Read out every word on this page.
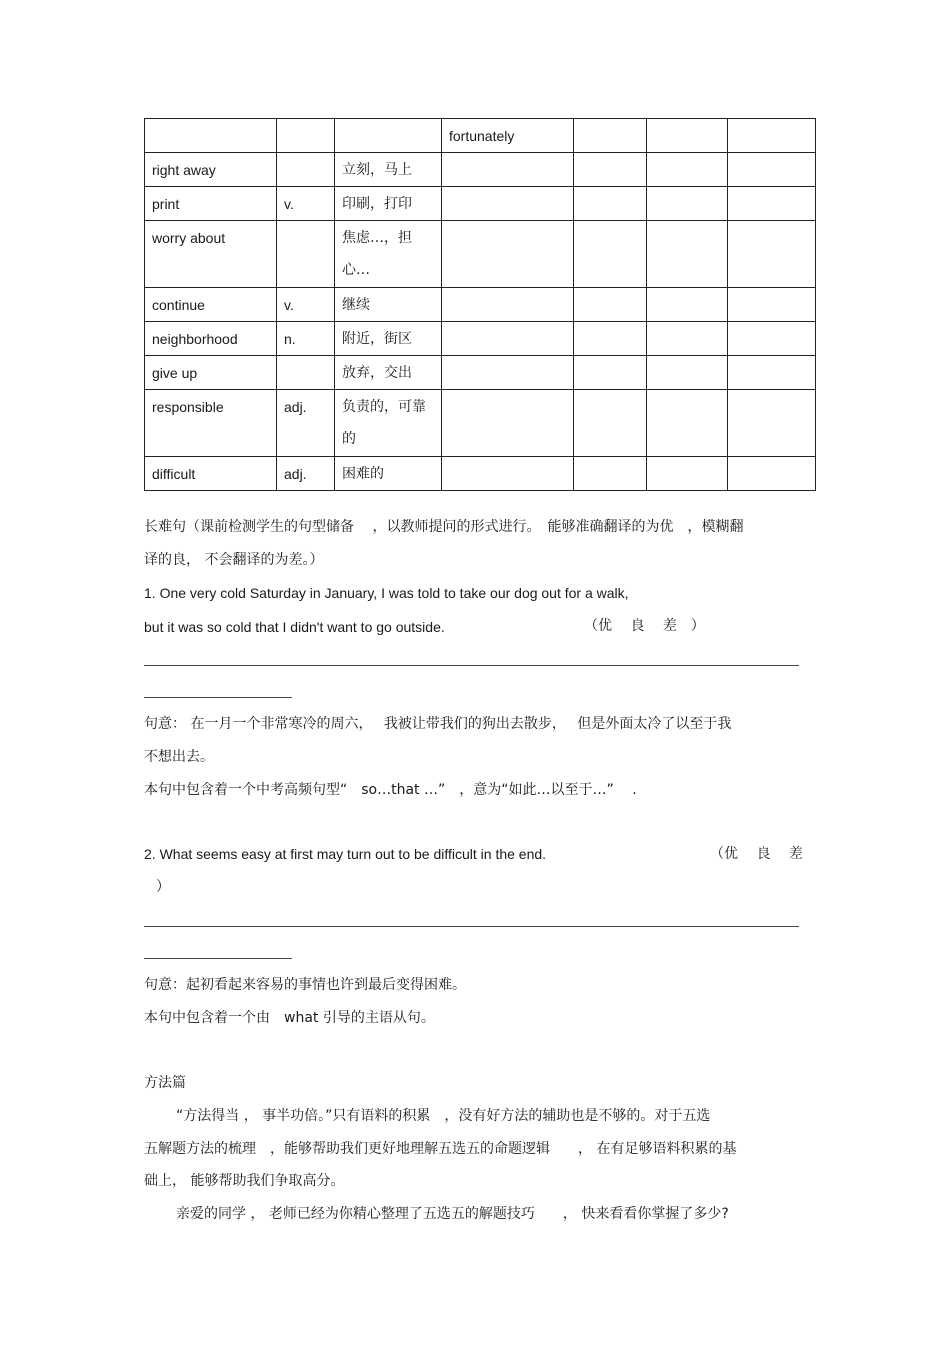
			fortunately			
right away		立刻，马上				
print	v.	印刷，打印				
worry about		焦虑…，担心…				
continue	v.	继续				
neighborhood	n.	附近，街区				
give up		放弃，交出				
responsible	adj.	负责的，可靠的				
difficult	adj.	困难的				
长难句（课前检测学生的句型储备　 ，以教师提问的形式进行。　能够准确翻译的为优　，模糊翻
译的良， 不会翻译的为差。）
1. One very cold Saturday in January, I was told to take our dog out for a walk,
but it was so cold that I didn't want to go outside.	（优　 良　 差　）
句意： 在一月一个非常寒冷的周六，　 我被让带我们的狗出去散步，　 但是外面太冷了以至于我
不想出去。
本句中包含着一个中考高频句型“　so…that …”　，意为“如此…以至于…”　 .
2. What seems easy at first may turn out to be difficult in the end.	（优　 良　 差
）
句意：起初看起来容易的事情也许到最后变得困难。
本句中包含着一个由　what 引导的主语从句。
方法篇
“方法得当 ， 事半功倍。”只有语料的积累　，没有好方法的辅助也是不够的。对于五选
五解题方法的梳理　，能够帮助我们更好地理解五选五的命题逻辑　　， 在有足够语料积累的基
础上， 能够帮助我们争取高分。
亲爱的同学 ， 老师已经为你精心整理了五选五的解题技巧　　， 快来看看你掌握了多少?
